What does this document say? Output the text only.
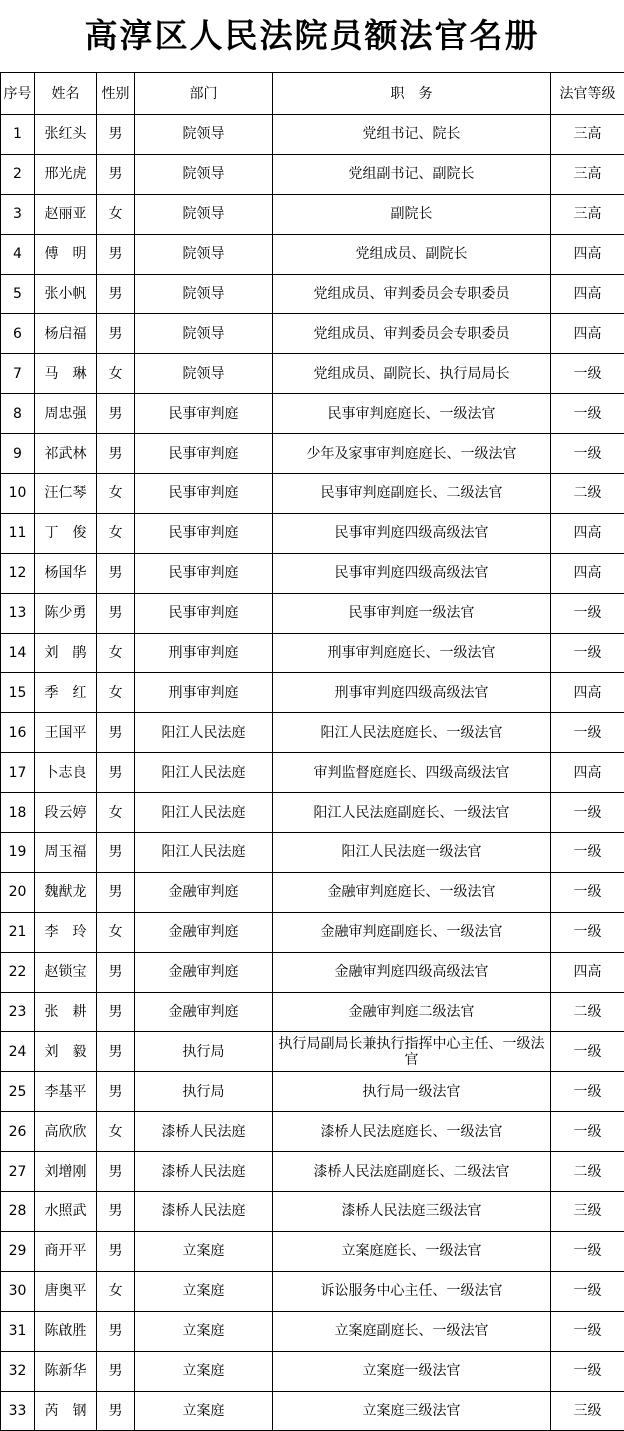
高淳区人民法院员额法官名册
序号	姓名	性别	部门	职　务	法官等级
1	张红头	男	院领导	党组书记、院长	三高
2	邢光虎	男	院领导	党组副书记、副院长	三高
3	赵丽亚	女	院领导	副院长	三高
4	傅　明	男	院领导	党组成员、副院长	四高
5	张小帆	男	院领导	党组成员、审判委员会专职委员	四高
6	杨启福	男	院领导	党组成员、审判委员会专职委员	四高
7	马　琳	女	院领导	党组成员、副院长、执行局局长	一级
8	周忠强	男	民事审判庭	民事审判庭庭长、一级法官	一级
9	祁武林	男	民事审判庭	少年及家事审判庭庭长、一级法官	一级
10	汪仁琴	女	民事审判庭	民事审判庭副庭长、二级法官	二级
11	丁　俊	女	民事审判庭	民事审判庭四级高级法官	四高
12	杨国华	男	民事审判庭	民事审判庭四级高级法官	四高
13	陈少勇	男	民事审判庭	民事审判庭一级法官	一级
14	刘　鹃	女	刑事审判庭	刑事审判庭庭长、一级法官	一级
15	季　红	女	刑事审判庭	刑事审判庭四级高级法官	四高
16	王国平	男	阳江人民法庭	阳江人民法庭庭长、一级法官	一级
17	卜志良	男	阳江人民法庭	审判监督庭庭长、四级高级法官	四高
18	段云婷	女	阳江人民法庭	阳江人民法庭副庭长、一级法官	一级
19	周玉福	男	阳江人民法庭	阳江人民法庭一级法官	一级
20	魏猷龙	男	金融审判庭	金融审判庭庭长、一级法官	一级
21	李　玲	女	金融审判庭	金融审判庭副庭长、一级法官	一级
22	赵锁宝	男	金融审判庭	金融审判庭四级高级法官	四高
23	张　耕	男	金融审判庭	金融审判庭二级法官	二级
24	刘　毅	男	执行局	执行局副局长兼执行指挥中心主任、一级法官	一级
25	李基平	男	执行局	执行局一级法官	一级
26	高欣欣	女	漆桥人民法庭	漆桥人民法庭庭长、一级法官	一级
27	刘增刚	男	漆桥人民法庭	漆桥人民法庭副庭长、二级法官	二级
28	水照武	男	漆桥人民法庭	漆桥人民法庭三级法官	三级
29	商开平	男	立案庭	立案庭庭长、一级法官	一级
30	唐奥平	女	立案庭	诉讼服务中心主任、一级法官	一级
31	陈啟胜	男	立案庭	立案庭副庭长、一级法官	一级
32	陈新华	男	立案庭	立案庭一级法官	一级
33	芮　钢	男	立案庭	立案庭三级法官	三级
